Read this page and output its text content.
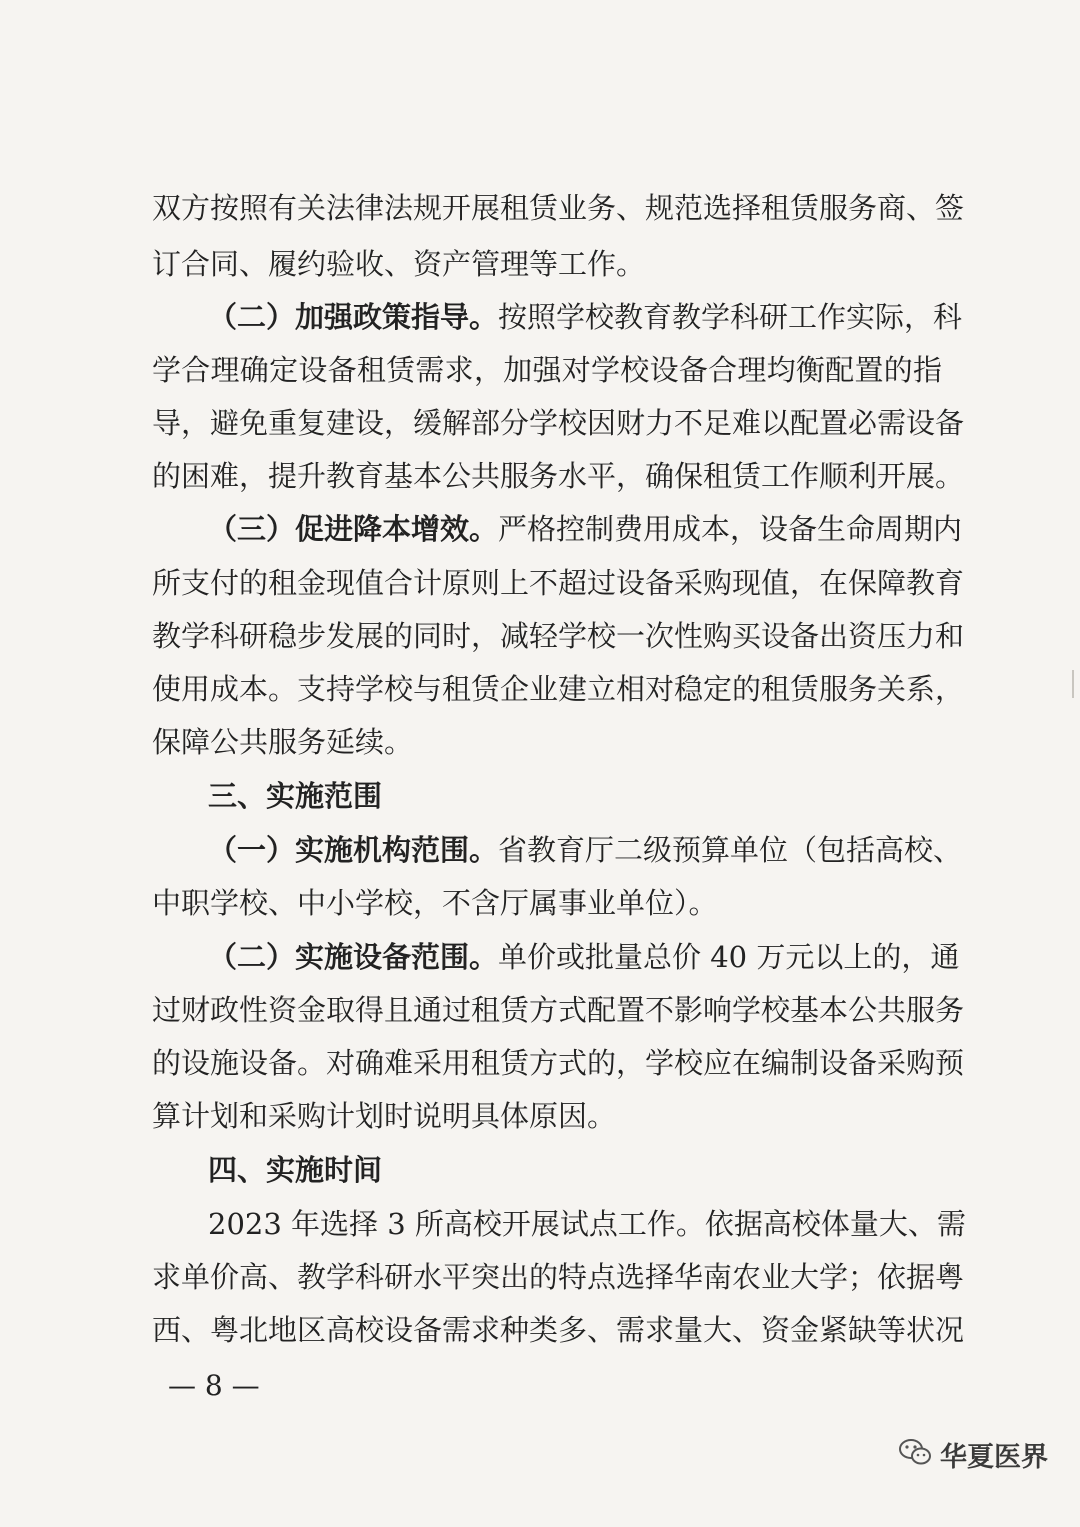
双方按照有关法律法规开展租赁业务、规范选择租赁服务商、签
订合同、履约验收、资产管理等工作。
（二）加强政策指导。按照学校教育教学科研工作实际，科
学合理确定设备租赁需求，加强对学校设备合理均衡配置的指
导，避免重复建设，缓解部分学校因财力不足难以配置必需设备
的困难，提升教育基本公共服务水平，确保租赁工作顺利开展。
（三）促进降本增效。严格控制费用成本，设备生命周期内
所支付的租金现值合计原则上不超过设备采购现值，在保障教育
教学科研稳步发展的同时，减轻学校一次性购买设备出资压力和
使用成本。支持学校与租赁企业建立相对稳定的租赁服务关系，
保障公共服务延续。
三、实施范围
（一）实施机构范围。省教育厅二级预算单位（包括高校、
中职学校、中小学校，不含厅属事业单位）。
（二）实施设备范围。单价或批量总价 40 万元以上的，通
过财政性资金取得且通过租赁方式配置不影响学校基本公共服务
的设施设备。对确难采用租赁方式的，学校应在编制设备采购预
算计划和采购计划时说明具体原因。
四、实施时间
2023 年选择 3 所高校开展试点工作。依据高校体量大、需
求单价高、教学科研水平突出的特点选择华南农业大学；依据粤
西、粤北地区高校设备需求种类多、需求量大、资金紧缺等状况
— 8 —
华夏医界
